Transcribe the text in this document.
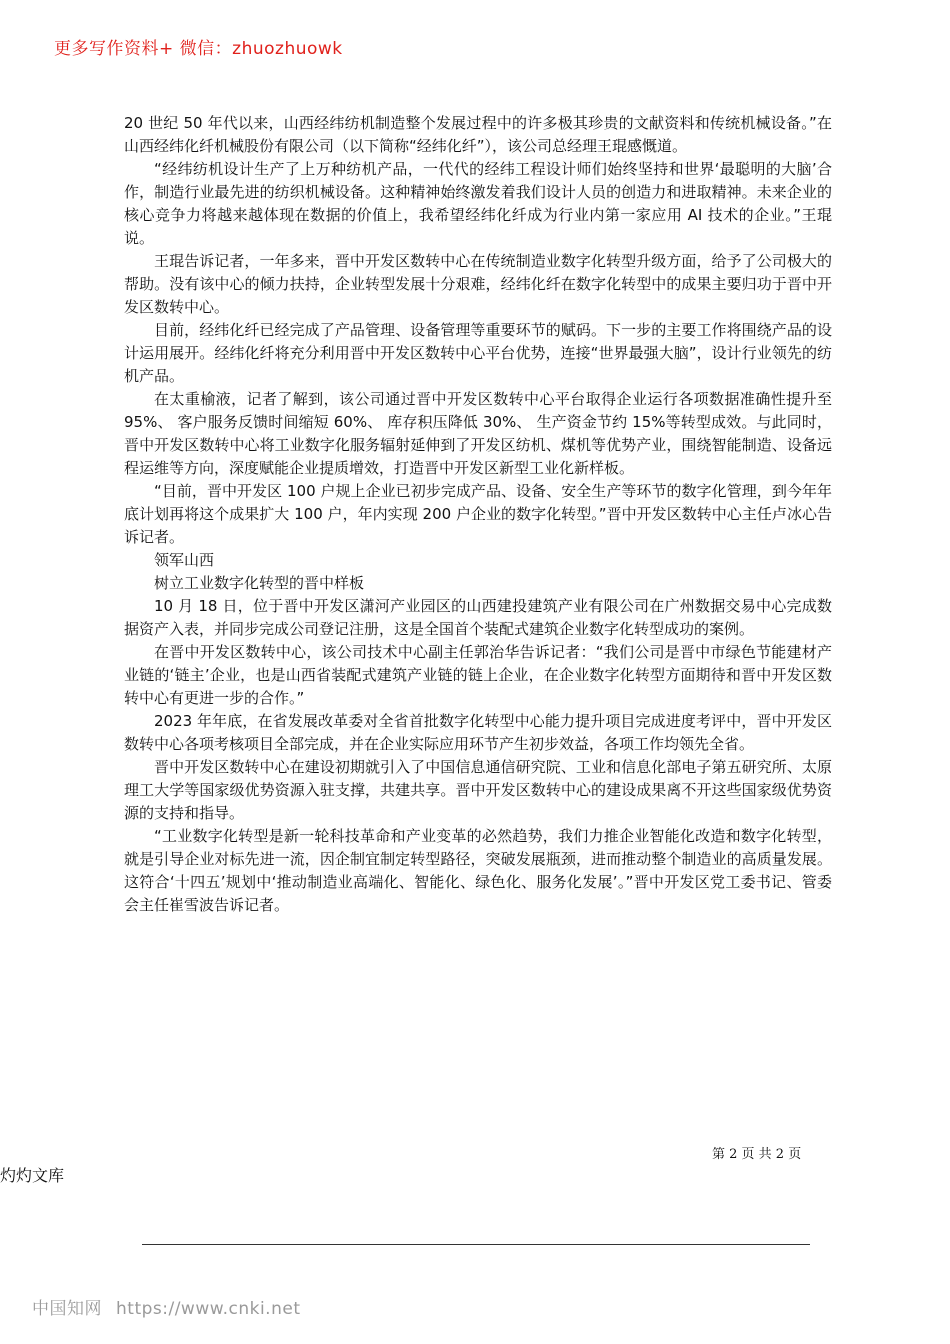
更多写作资料+ 微信：zhuozhuowk

20 世纪 50 年代以来，山西经纬纺机制造整个发展过程中的许多极其珍贵的文献资料和传统机械设备。”在山西经纬化纤机械股份有限公司（以下简称“经纬化纤”），该公司总经理王琨感慨道。

“经纬纺机设计生产了上万种纺机产品，一代代的经纬工程设计师们始终坚持和世界‘最聪明的大脑’合作，制造行业最先进的纺织机械设备。这种精神始终激发着我们设计人员的创造力和进取精神。未来企业的核心竞争力将越来越体现在数据的价值上，我希望经纬化纤成为行业内第一家应用 AI 技术的企业。”王琨说。

王琨告诉记者，一年多来，晋中开发区数转中心在传统制造业数字化转型升级方面，给予了公司极大的帮助。没有该中心的倾力扶持，企业转型发展十分艰难，经纬化纤在数字化转型中的成果主要归功于晋中开发区数转中心。

目前，经纬化纤已经完成了产品管理、设备管理等重要环节的赋码。下一步的主要工作将围绕产品的设计运用展开。经纬化纤将充分利用晋中开发区数转中心平台优势，连接“世界最强大脑”，设计行业领先的纺机产品。

在太重榆液，记者了解到，该公司通过晋中开发区数转中心平台取得企业运行各项数据准确性提升至 95%、 客户服务反馈时间缩短 60%、 库存积压降低 30%、 生产资金节约 15%等转型成效。与此同时，晋中开发区数转中心将工业数字化服务辐射延伸到了开发区纺机、煤机等优势产业，围绕智能制造、设备远程运维等方向，深度赋能企业提质增效，打造晋中开发区新型工业化新样板。

“目前，晋中开发区 100 户规上企业已初步完成产品、设备、安全生产等环节的数字化管理，到今年年底计划再将这个成果扩大 100 户，年内实现 200 户企业的数字化转型。”晋中开发区数转中心主任卢冰心告诉记者。

领军山西

树立工业数字化转型的晋中样板

10 月 18 日，位于晋中开发区潇河产业园区的山西建投建筑产业有限公司在广州数据交易中心完成数据资产入表，并同步完成公司登记注册，这是全国首个装配式建筑企业数字化转型成功的案例。

在晋中开发区数转中心，该公司技术中心副主任郭治华告诉记者：“我们公司是晋中市绿色节能建材产业链的‘链主’企业，也是山西省装配式建筑产业链的链上企业，在企业数字化转型方面期待和晋中开发区数转中心有更进一步的合作。”

2023 年年底，在省发展改革委对全省首批数字化转型中心能力提升项目完成进度考评中，晋中开发区数转中心各项考核项目全部完成，并在企业实际应用环节产生初步效益，各项工作均领先全省。

晋中开发区数转中心在建设初期就引入了中国信息通信研究院、工业和信息化部电子第五研究所、太原理工大学等国家级优势资源入驻支撑，共建共享。晋中开发区数转中心的建设成果离不开这些国家级优势资源的支持和指导。

“工业数字化转型是新一轮科技革命和产业变革的必然趋势，我们力推企业智能化改造和数字化转型，就是引导企业对标先进一流，因企制宜制定转型路径，突破发展瓶颈，进而推动整个制造业的高质量发展。这符合‘十四五’规划中‘推动制造业高端化、智能化、绿色化、服务化发展’。”晋中开发区党工委书记、管委会主任崔雪波告诉记者。

第 2 页 共 2 页
灼灼文库
中国知网 https://www.cnki.net
